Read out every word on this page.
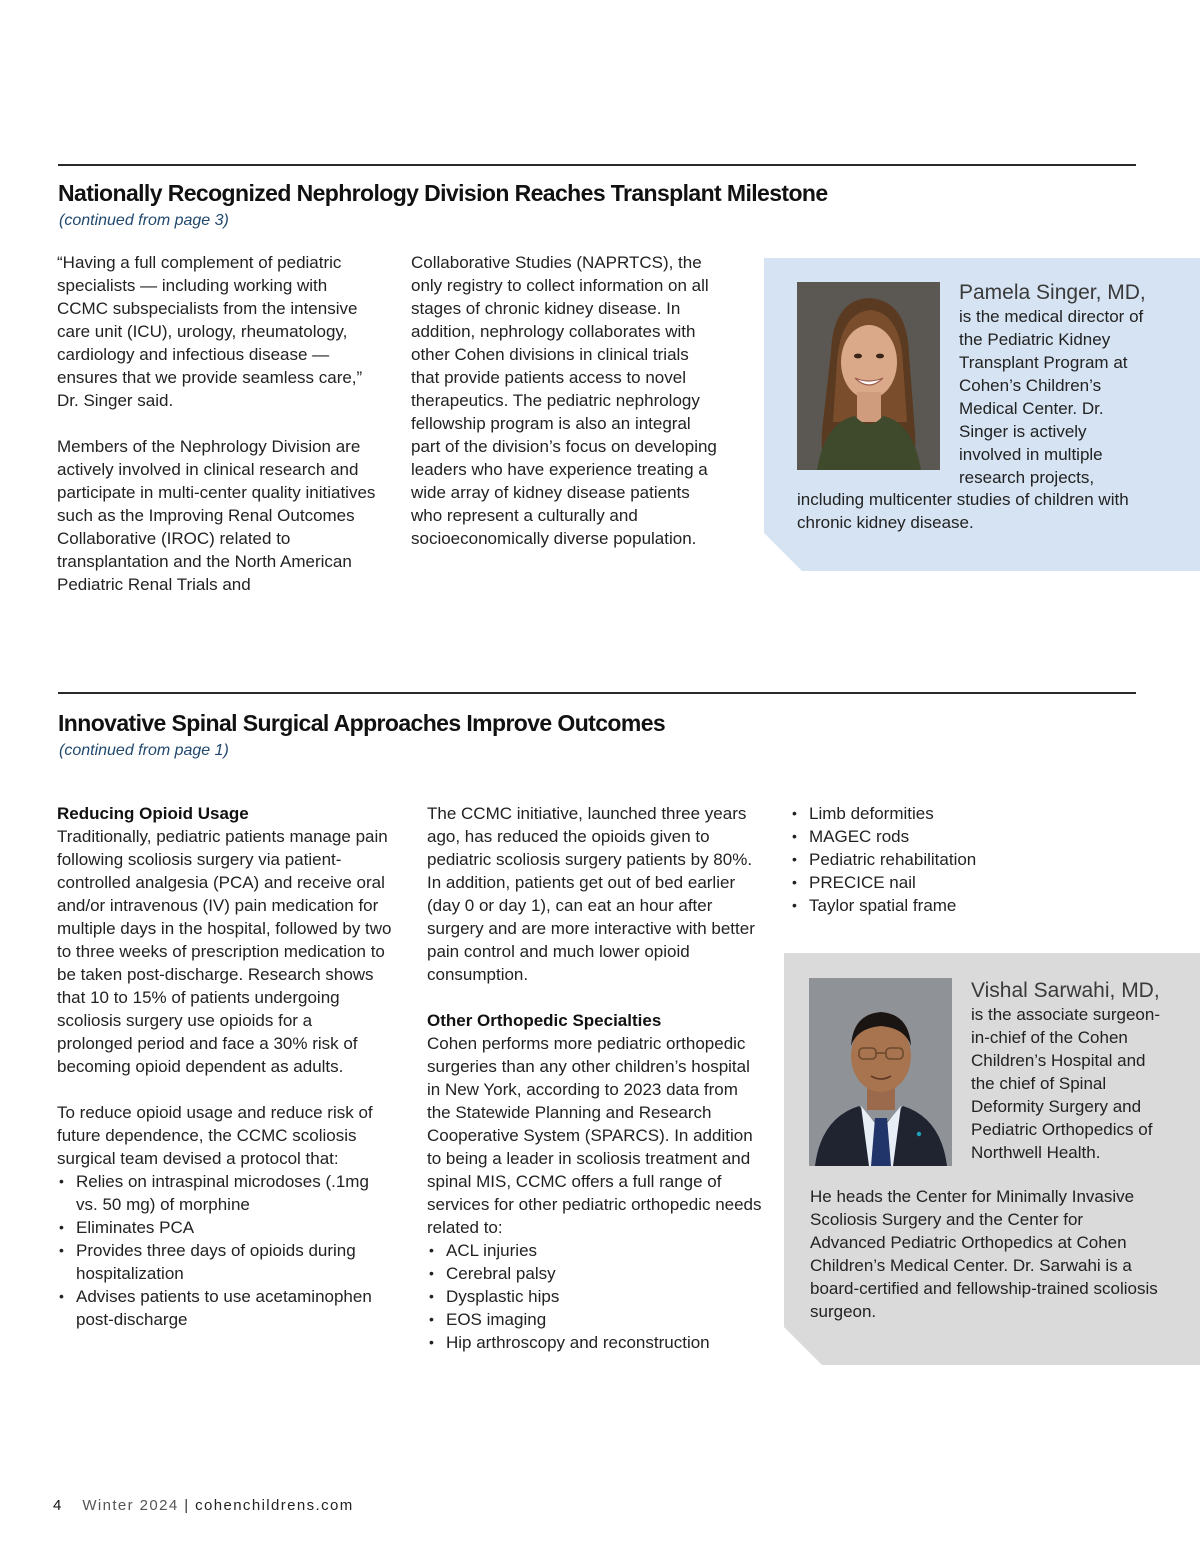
Nationally Recognized Nephrology Division Reaches Transplant Milestone

(continued from page 3)

“Having a full complement of pediatric specialists — including working with CCMC subspecialists from the intensive care unit (ICU), urology, rheumatology, cardiology and infectious disease — ensures that we provide seamless care,” Dr. Singer said.

Members of the Nephrology Division are actively involved in clinical research and participate in multi-center quality initiatives such as the Improving Renal Outcomes Collaborative (IROC) related to transplantation and the North American Pediatric Renal Trials and

Collaborative Studies (NAPRTCS), the only registry to collect information on all stages of chronic kidney disease. In addition, nephrology collaborates with other Cohen divisions in clinical trials that provide patients access to novel therapeutics. The pediatric nephrology fellowship program is also an integral part of the division’s focus on developing leaders who have experience treating a wide array of kidney disease patients who represent a culturally and socioeconomically diverse population.

Pamela Singer, MD,
is the medical director of the Pediatric Kidney Transplant Program at Cohen’s Children’s Medical Center. Dr. Singer is actively involved in multiple research projects,
including multicenter studies of children with chronic kidney disease.
Innovative Spinal Surgical Approaches Improve Outcomes

(continued from page 1)

Reducing Opioid Usage

Traditionally, pediatric patients manage pain following scoliosis surgery via patient-controlled analgesia (PCA) and receive oral and/or intravenous (IV) pain medication for multiple days in the hospital, followed by two to three weeks of prescription medication to be taken post-discharge. Research shows that 10 to 15% of patients undergoing scoliosis surgery use opioids for a prolonged period and face a 30% risk of becoming opioid dependent as adults.

To reduce opioid usage and reduce risk of future dependence, the CCMC scoliosis surgical team devised a protocol that:

• Relies on intraspinal microdoses (.1mg vs. 50 mg) of morphine
• Eliminates PCA
• Provides three days of opioids during hospitalization
• Advises patients to use acetaminophen post-discharge

The CCMC initiative, launched three years ago, has reduced the opioids given to pediatric scoliosis surgery patients by 80%. In addition, patients get out of bed earlier (day 0 or day 1), can eat an hour after surgery and are more interactive with better pain control and much lower opioid consumption.

Other Orthopedic Specialties

Cohen performs more pediatric orthopedic surgeries than any other children’s hospital in New York, according to 2023 data from the Statewide Planning and Research Cooperative System (SPARCS). In addition to being a leader in scoliosis treatment and spinal MIS, CCMC offers a full range of services for other pediatric orthopedic needs related to:

• ACL injuries
• Cerebral palsy
• Dysplastic hips
• EOS imaging
• Hip arthroscopy and reconstruction
• Limb deformities
• MAGEC rods
• Pediatric rehabilitation
• PRECICE nail
• Taylor spatial frame
Vishal Sarwahi, MD,
is the associate surgeon-in-chief of the Cohen Children’s Hospital and the chief of Spinal Deformity Surgery and Pediatric Orthopedics of Northwell Health.
He heads the Center for Minimally Invasive Scoliosis Surgery and the Center for Advanced Pediatric Orthopedics at Cohen Children’s Medical Center. Dr. Sarwahi is a board-certified and fellowship-trained scoliosis surgeon.
4 Winter 2024 | cohenchildrens.com
